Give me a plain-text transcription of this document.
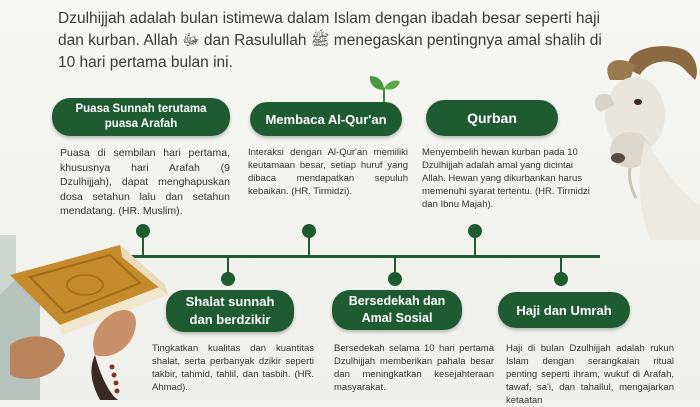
Dzulhijjah adalah bulan istimewa dalam Islam dengan ibadah besar seperti haji dan kurban. Allah ﷻ dan Rasulullah ﷺ menegaskan pentingnya amal shalih di 10 hari pertama bulan ini.
Puasa Sunnah terutama
puasa Arafah	Membaca Al-Qur'an	Qurban
Puasa di sembilan hari pertama, khususnya hari Arafah (9 Dzulhijjah), dapat menghapuskan dosa setahun lalu dan setahun mendatang. (HR. Muslim).
Interaksi dengan Al-Qur'an memiliki keutamaan besar, setiap huruf yang dibaca mendapatkan sepuluh kebaikan. (HR. Tirmidzi).
Menyembelih hewan kurban pada 10 Dzulhijjah adalah amal yang dicintai Allah. Hewan yang dikurbankan harus memenuhi syarat tertentu. (HR. Tirmidzi dan Ibnu Majah).
Shalat sunnah
dan berdzikir
Bersedekah dan
Amal Sosial
Haji dan Umrah
Tingkatkan kualitas dan kuantitas shalat, serta perbanyak dzikir seperti takbir, tahmid, tahlil, dan tasbih. (HR. Ahmad).
Bersedekah selama 10 hari pertama Dzulhijjah memberikan pahala besar dan meningkatkan kesejahteraan masyarakat.
Haji di bulan Dzulhijjah adalah rukun Islam dengan serangkaian ritual penting seperti ihram, wukuf di Arafah, tawaf, sa'i, dan tahallul, mengajarkan ketaatan
